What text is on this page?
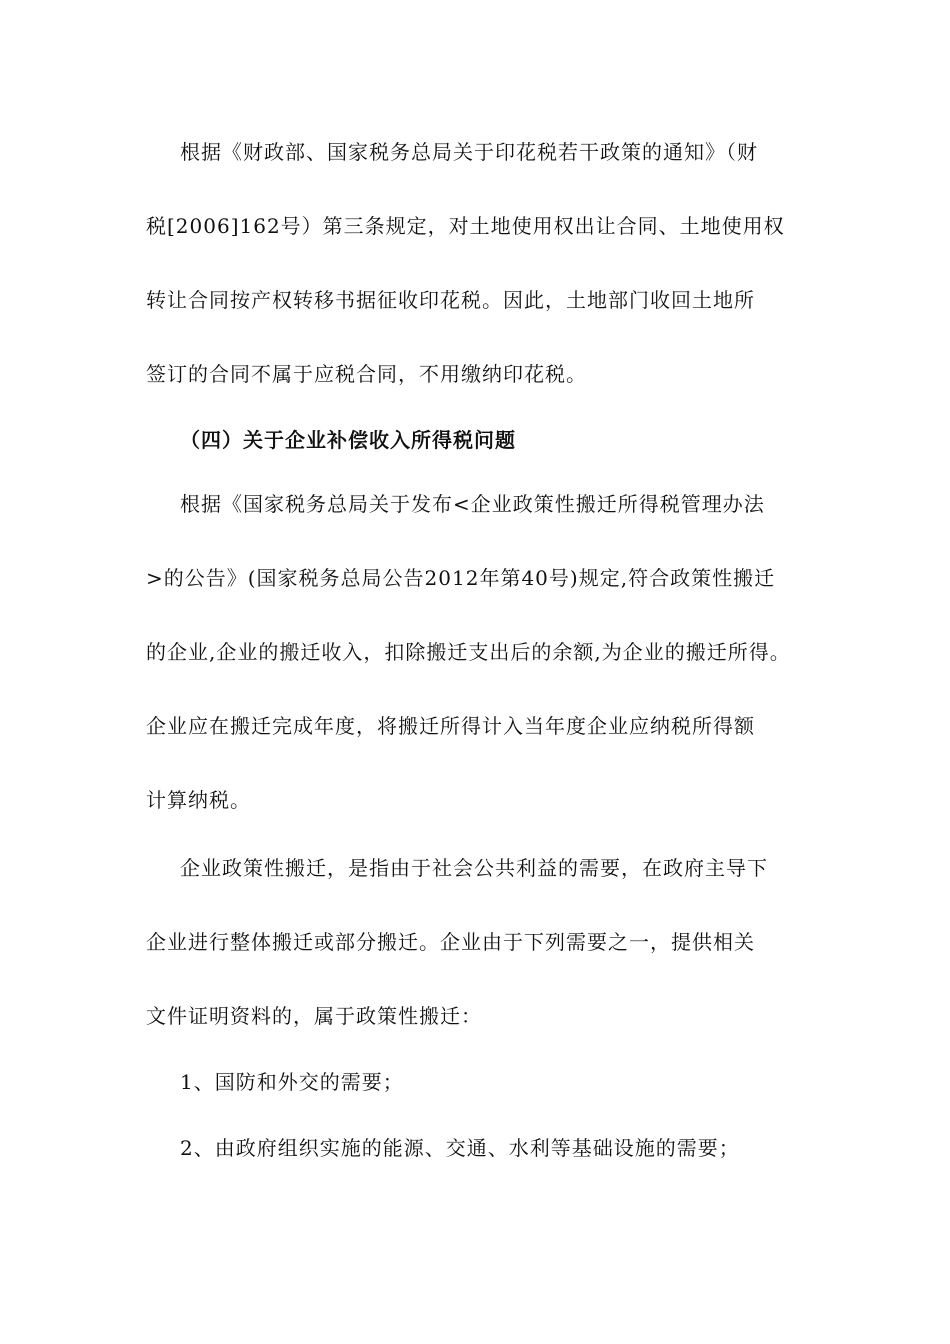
根据《财政部、国家税务总局关于印花税若干政策的通知》（财
税[2006]162号）第三条规定，对土地使用权出让合同、土地使用权
转让合同按产权转移书据征收印花税。因此，土地部门收回土地所
签订的合同不属于应税合同，不用缴纳印花税。
（四）关于企业补偿收入所得税问题
根据《国家税务总局关于发布<企业政策性搬迁所得税管理办法
>的公告》(国家税务总局公告2012年第40号)规定,符合政策性搬迁
的企业,企业的搬迁收入，扣除搬迁支出后的余额,为企业的搬迁所得。
企业应在搬迁完成年度，将搬迁所得计入当年度企业应纳税所得额
计算纳税。
企业政策性搬迁，是指由于社会公共利益的需要，在政府主导下
企业进行整体搬迁或部分搬迁。企业由于下列需要之一，提供相关
文件证明资料的，属于政策性搬迁：
1、国防和外交的需要；
2、由政府组织实施的能源、交通、水利等基础设施的需要；
